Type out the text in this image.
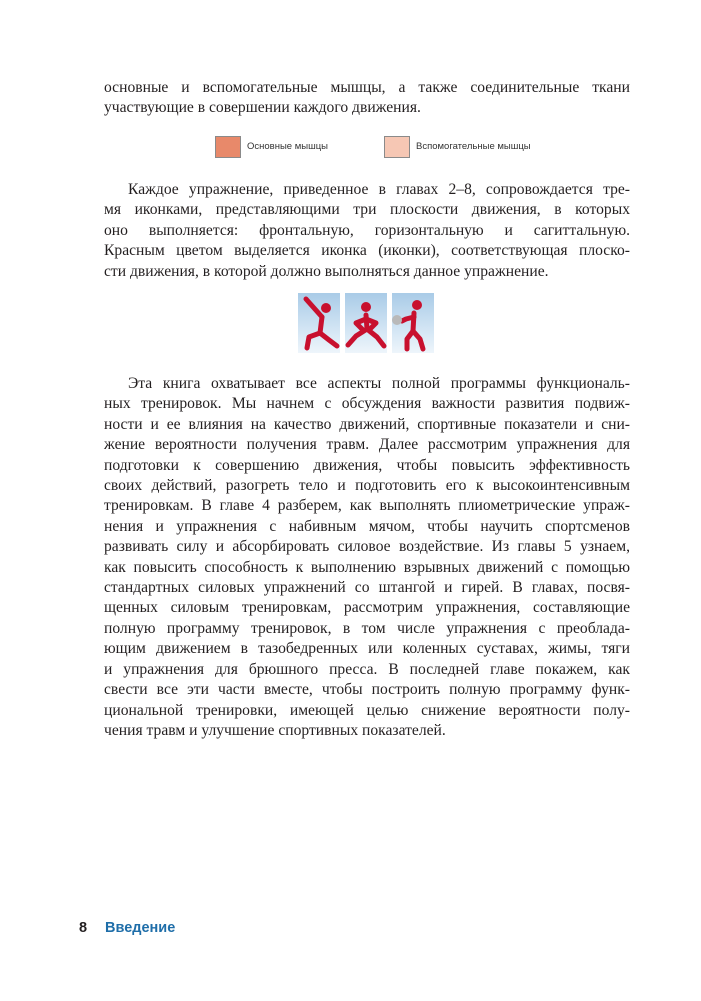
основные и вспомогательные мышцы, а также соединительные ткани
участвующие в совершении каждого движения.
Основные мышцы	Вспомогательные мышцы
Каждое упражнение, приведенное в главах 2–8, сопровождается тре-
мя иконками, представляющими три плоскости движения, в которых
оно выполняется: фронтальную, горизонтальную и сагиттальную.
Красным цветом выделяется иконка (иконки), соответствующая плоско-
сти движения, в которой должно выполняться данное упражнение.
Эта книга охватывает все аспекты полной программы функциональ-
ных тренировок. Мы начнем с обсуждения важности развития подвиж-
ности и ее влияния на качество движений, спортивные показатели и сни-
жение вероятности получения травм. Далее рассмотрим упражнения для
подготовки к совершению движения, чтобы повысить эффективность
своих действий, разогреть тело и подготовить его к высокоинтенсивным
тренировкам. В главе 4 разберем, как выполнять плиометрические упраж-
нения и упражнения с набивным мячом, чтобы научить спортсменов
развивать силу и абсорбировать силовое воздействие. Из главы 5 узнаем,
как повысить способность к выполнению взрывных движений с помощью
стандартных силовых упражнений со штангой и гирей. В главах, посвя-
щенных силовым тренировкам, рассмотрим упражнения, составляющие
полную программу тренировок, в том числе упражнения с преоблада-
ющим движением в тазобедренных или коленных суставах, жимы, тяги
и упражнения для брюшного пресса. В последней главе покажем, как
свести все эти части вместе, чтобы построить полную программу функ-
циональной тренировки, имеющей целью снижение вероятности полу-
чения травм и улучшение спортивных показателей.
8 Введение
